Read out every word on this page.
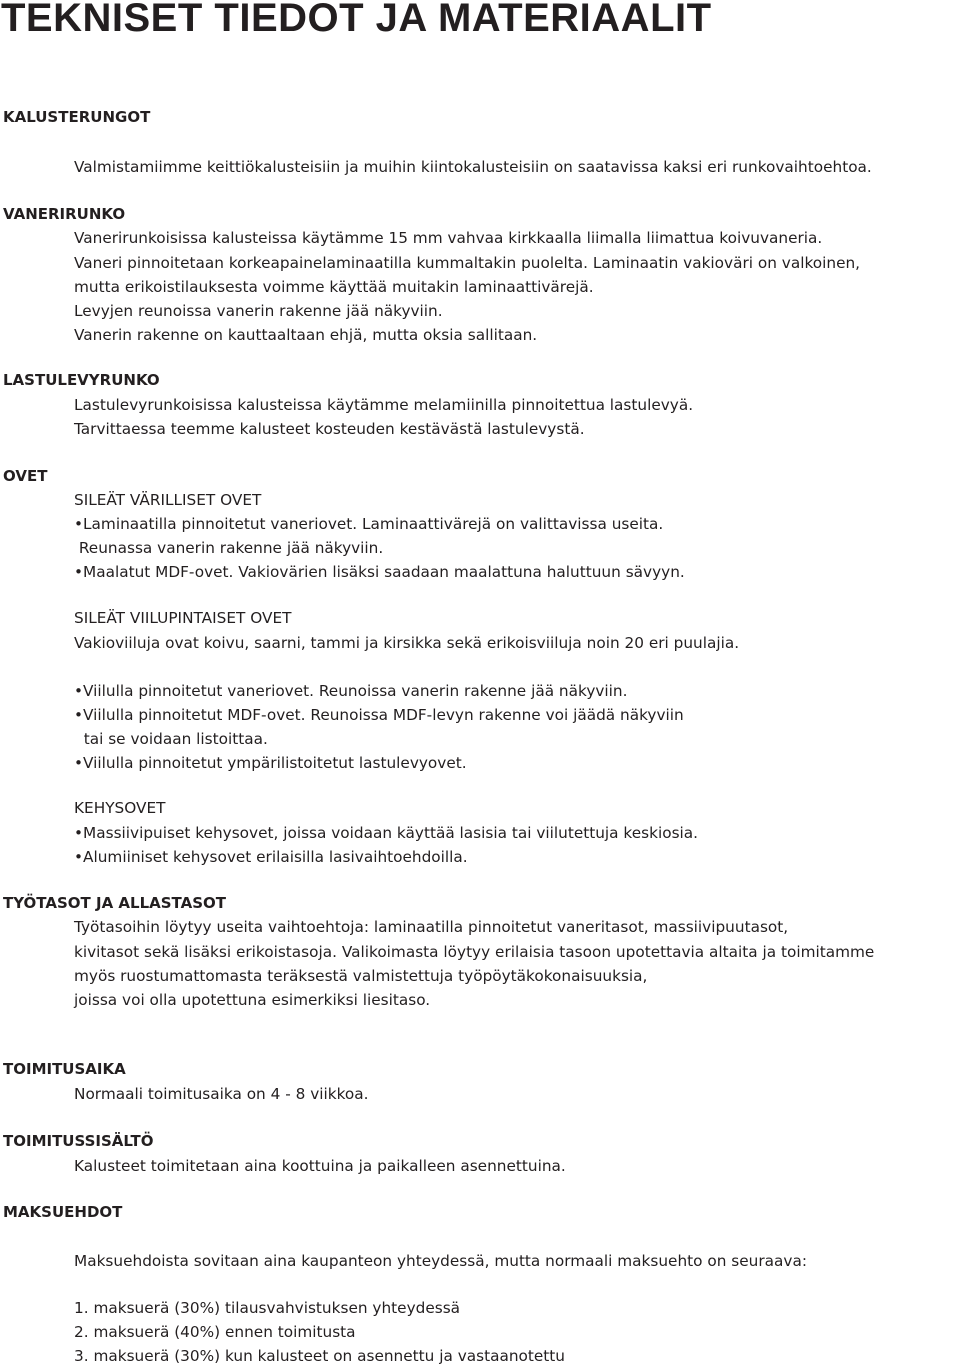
TEKNISET TIEDOT JA MATERIAALIT
KALUSTERUNGOT
Valmistamiimme keittiökalusteisiin ja muihin kiintokalusteisiin on saatavissa kaksi eri runkovaihtoehtoa.
VANERIRUNKO
Vanerirunkoisissa kalusteissa käytämme 15 mm vahvaa kirkkaalla liimalla liimattua koivuvaneria.
Vaneri pinnoitetaan korkeapainelaminaatilla kummaltakin puolelta. Laminaatin vakioväri on valkoinen,
mutta erikoistilauksesta voimme käyttää muitakin laminaattivärejä.
Levyjen reunoissa vanerin rakenne jää näkyviin.
Vanerin rakenne on kauttaaltaan ehjä, mutta oksia sallitaan.
LASTULEVYRUNKO
Lastulevyrunkoisissa kalusteissa käytämme melamiinilla pinnoitettua lastulevyä.
Tarvittaessa teemme kalusteet kosteuden kestävästä lastulevystä.
OVET
SILEÄT VÄRILLISET OVET
•Laminaatilla pinnoitetut vaneriovet. Laminaattivärejä on valittavissa useita.
Reunassa vanerin rakenne jää näkyviin.
•Maalatut MDF-ovet. Vakiovärien lisäksi saadaan maalattuna haluttuun sävyyn.
SILEÄT VIILUPINTAISET OVET
Vakioviiluja ovat koivu, saarni, tammi ja kirsikka sekä erikoisviiluja noin 20 eri puulajia.
•Viilulla pinnoitetut vaneriovet. Reunoissa vanerin rakenne jää näkyviin.
•Viilulla pinnoitetut MDF-ovet. Reunoissa MDF-levyn rakenne voi jäädä näkyviin
tai se voidaan listoittaa.
•Viilulla pinnoitetut ympärilistoitetut lastulevyovet.
KEHYSOVET
•Massiivipuiset kehysovet, joissa voidaan käyttää lasisia tai viilutettuja keskiosia.
•Alumiiniset kehysovet erilaisilla lasivaihtoehdoilla.
TYÖTASOT JA ALLASTASOT
Työtasoihin löytyy useita vaihtoehtoja: laminaatilla pinnoitetut vaneritasot, massiivipuutasot,
kivitasot sekä lisäksi erikoistasoja. Valikoimasta löytyy erilaisia tasoon upotettavia altaita ja toimitamme
myös ruostumattomasta teräksestä valmistettuja työpöytäkokonaisuuksia,
joissa voi olla upotettuna esimerkiksi liesitaso.
TOIMITUSAIKA
Normaali toimitusaika on 4 - 8 viikkoa.
TOIMITUSSISÄLTÖ
Kalusteet toimitetaan aina koottuina ja paikalleen asennettuina.
MAKSUEHDOT
Maksuehdoista sovitaan aina kaupanteon yhteydessä, mutta normaali maksuehto on seuraava:
1. maksuerä (30%) tilausvahvistuksen yhteydessä
2. maksuerä (40%) ennen toimitusta
3. maksuerä (30%) kun kalusteet on asennettu ja vastaanotettu
